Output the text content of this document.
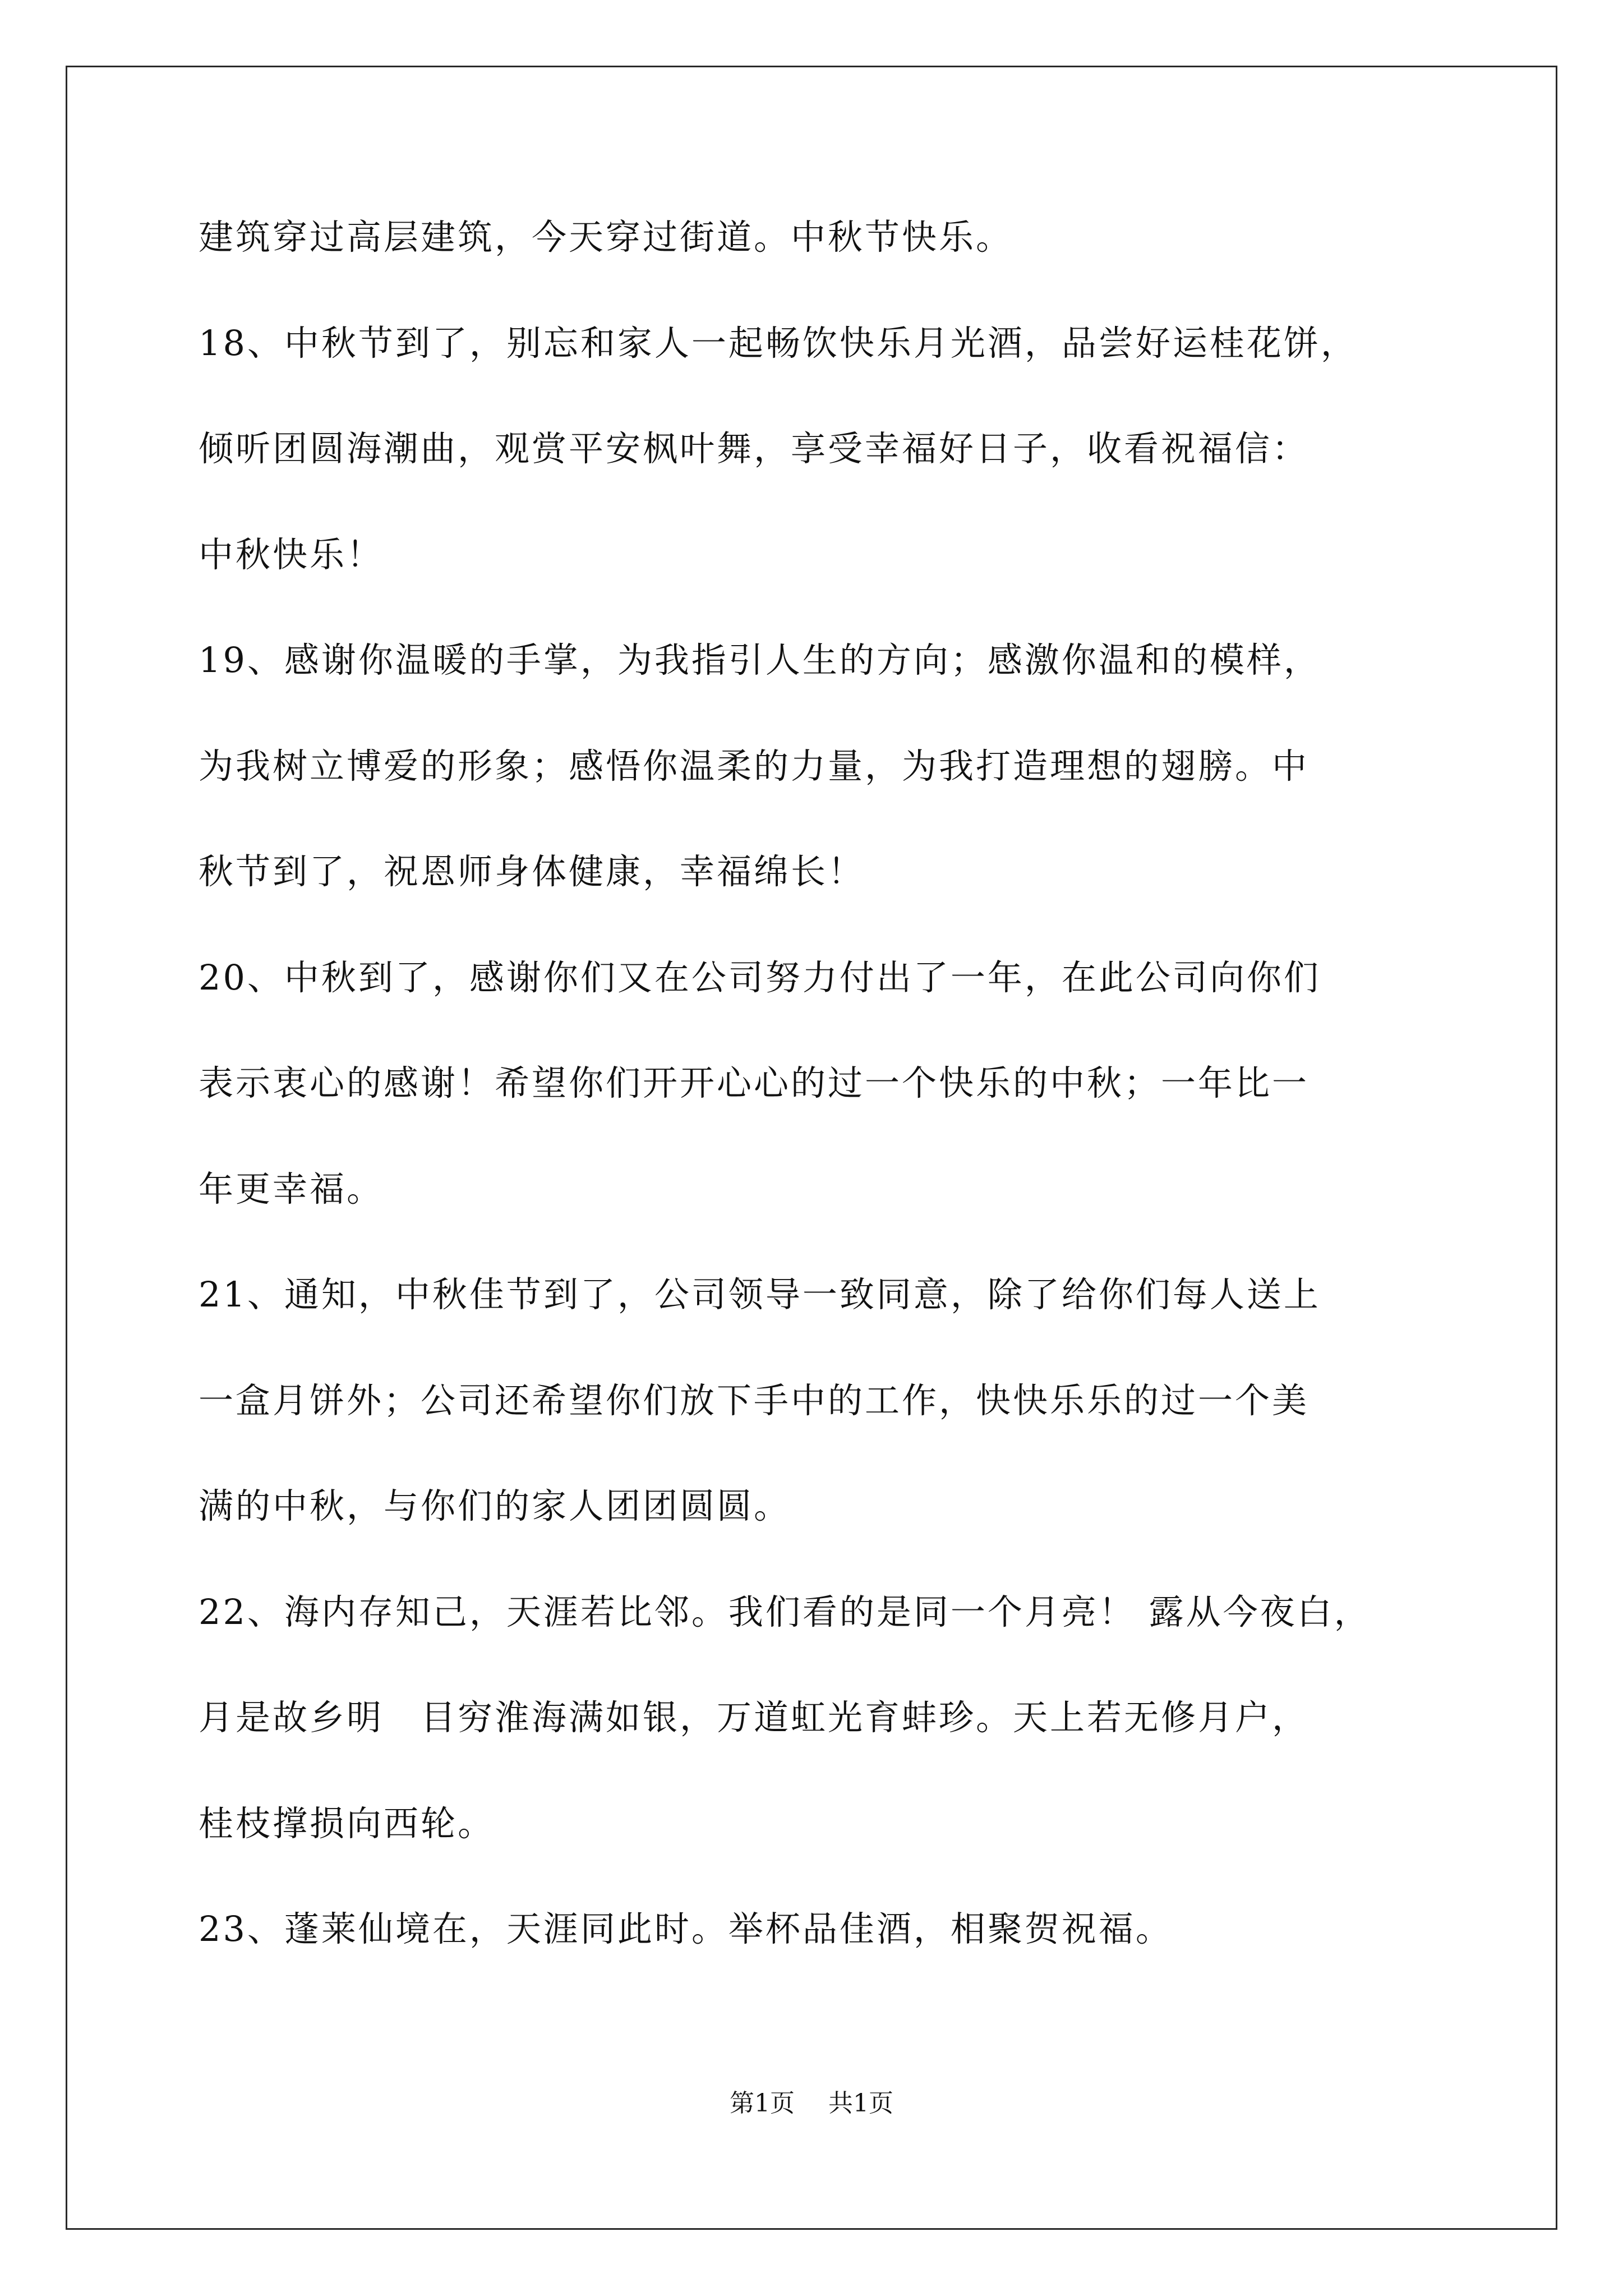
建筑穿过高层建筑，今天穿过街道。中秋节快乐。
18、中秋节到了，别忘和家人一起畅饮快乐月光酒，品尝好运桂花饼，
倾听团圆海潮曲，观赏平安枫叶舞，享受幸福好日子，收看祝福信：
中秋快乐！
19、感谢你温暖的手掌，为我指引人生的方向；感激你温和的模样，
为我树立博爱的形象；感悟你温柔的力量，为我打造理想的翅膀。中
秋节到了，祝恩师身体健康，幸福绵长！
20、中秋到了，感谢你们又在公司努力付出了一年，在此公司向你们
表示衷心的感谢！希望你们开开心心的过一个快乐的中秋；一年比一
年更幸福。
21、通知，中秋佳节到了，公司领导一致同意，除了给你们每人送上
一盒月饼外；公司还希望你们放下手中的工作，快快乐乐的过一个美
满的中秋，与你们的家人团团圆圆。
22、海内存知己，天涯若比邻。我们看的是同一个月亮！ 露从今夜白，
月是故乡明　目穷淮海满如银，万道虹光育蚌珍。天上若无修月户，
桂枝撑损向西轮。
23、蓬莱仙境在，天涯同此时。举杯品佳酒，相聚贺祝福。
第1页 共1页
